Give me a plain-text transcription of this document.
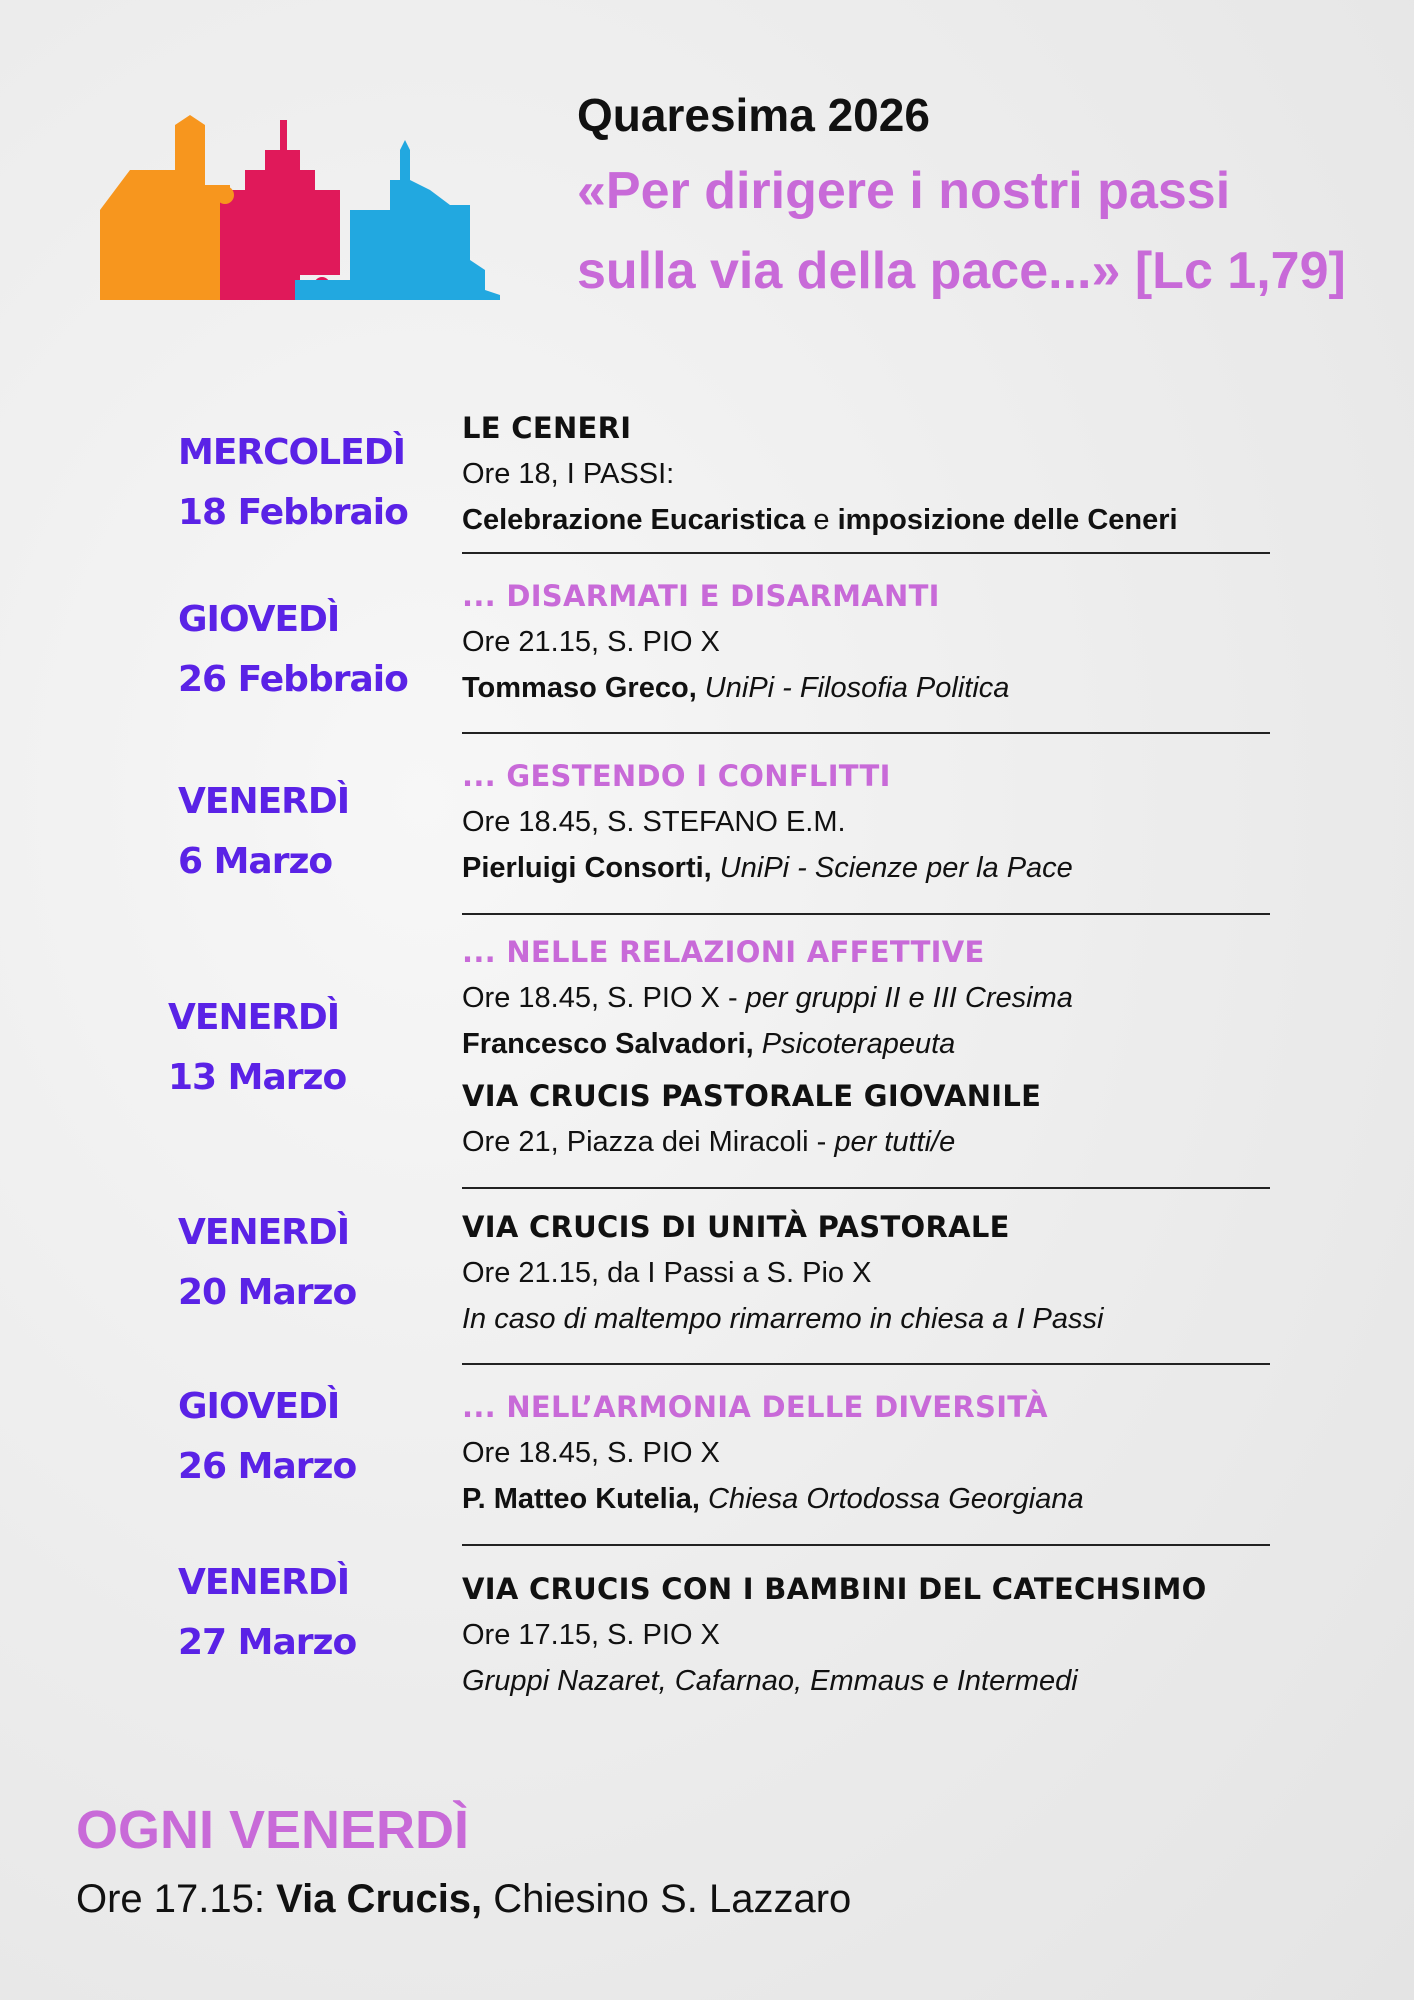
Quaresima 2026
«Per dirigere i nostri passi
sulla via della pace...» [Lc 1,79]
MERCOLEDÌ
18 Febbraio
LE CENERI
Ore 18, I PASSI:
Celebrazione Eucaristica e imposizione delle Ceneri
GIOVEDÌ
26 Febbraio
... DISARMATI E DISARMANTI
Ore 21.15, S. PIO X
Tommaso Greco, UniPi - Filosofia Politica
VENERDÌ
6 Marzo
... GESTENDO I CONFLITTI
Ore 18.45, S. STEFANO E.M.
Pierluigi Consorti, UniPi - Scienze per la Pace
VENERDÌ
13 Marzo
... NELLE RELAZIONI AFFETTIVE
Ore 18.45, S. PIO X - per gruppi II e III Cresima
Francesco Salvadori, Psicoterapeuta
VIA CRUCIS PASTORALE GIOVANILE
Ore 21, Piazza dei Miracoli - per tutti/e
VENERDÌ
20 Marzo
VIA CRUCIS DI UNITÀ PASTORALE
Ore 21.15, da I Passi a S. Pio X
In caso di maltempo rimarremo in chiesa a I Passi
GIOVEDÌ
26 Marzo
... NELL’ARMONIA DELLE DIVERSITÀ
Ore 18.45, S. PIO X
P. Matteo Kutelia, Chiesa Ortodossa Georgiana
VENERDÌ
27 Marzo
VIA CRUCIS CON I BAMBINI DEL CATECHSIMO
Ore 17.15, S. PIO X
Gruppi Nazaret, Cafarnao, Emmaus e Intermedi
OGNI VENERDÌ
Ore 17.15: Via Crucis, Chiesino S. Lazzaro
